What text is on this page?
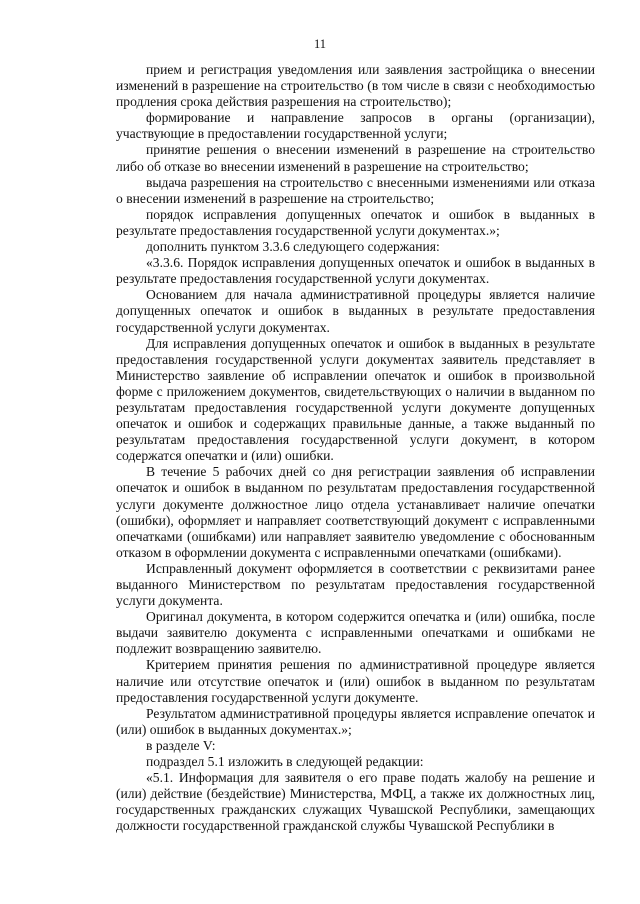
11

прием и регистрация уведомления или заявления застройщика о внесении изменений в разрешение на строительство (в том числе в связи с необходимостью продления срока действия разрешения на строительство);

формирование и направление запросов в органы (организации), участвующие в предоставлении государственной услуги;

принятие решения о внесении изменений в разрешение на строительство либо об отказе во внесении изменений в разрешение на строительство;

выдача разрешения на строительство с внесенными изменениями или отказа о внесении изменений в разрешение на строительство;

порядок исправления допущенных опечаток и ошибок в выданных в результате предоставления государственной услуги документах.»;

дополнить пунктом 3.3.6 следующего содержания:

«3.3.6. Порядок исправления допущенных опечаток и ошибок в выданных в результате предоставления государственной услуги документах.

Основанием для начала административной процедуры является наличие допущенных опечаток и ошибок в выданных в результате предоставления государственной услуги документах.

Для исправления допущенных опечаток и ошибок в выданных в результате предоставления государственной услуги документах заявитель представляет в Министерство заявление об исправлении опечаток и ошибок в произвольной форме с приложением документов, свидетельствующих о наличии в выданном по результатам предоставления государственной услуги документе допущенных опечаток и ошибок и содержащих правильные данные, а также выданный по результатам предоставления государственной услуги документ, в котором содержатся опечатки и (или) ошибки.

В течение 5 рабочих дней со дня регистрации заявления об исправлении опечаток и ошибок в выданном по результатам предоставления государственной услуги документе должностное лицо отдела устанавливает наличие опечатки (ошибки), оформляет и направляет соответствующий документ с исправленными опечатками (ошибками) или направляет заявителю уведомление с обоснованным отказом в оформлении документа с исправленными опечатками (ошибками).

Исправленный документ оформляется в соответствии с реквизитами ранее выданного Министерством по результатам предоставления государственной услуги документа.

Оригинал документа, в котором содержится опечатка и (или) ошибка, после выдачи заявителю документа с исправленными опечатками и ошибками не подлежит возвращению заявителю.

Критерием принятия решения по административной процедуре является наличие или отсутствие опечаток и (или) ошибок в выданном по результатам предоставления государственной услуги документе.

Результатом административной процедуры является исправление опечаток и (или) ошибок в выданных документах.»;

в разделе V:

подраздел 5.1 изложить в следующей редакции:

«5.1. Информация для заявителя о его праве подать жалобу на решение и (или) действие (бездействие) Министерства, МФЦ, а также их должностных лиц, государственных гражданских служащих Чувашской Республики, замещающих должности государственной гражданской службы Чувашской Республики в
